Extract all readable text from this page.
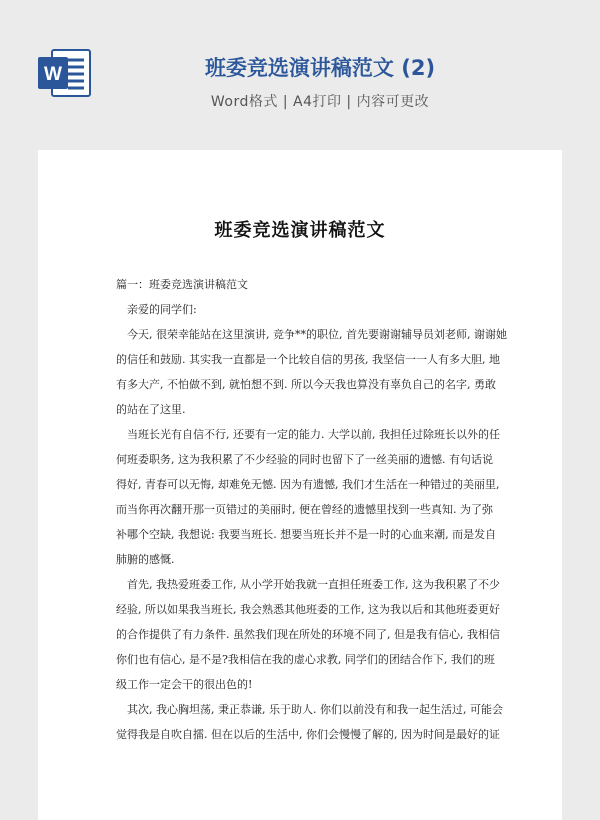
W	班委竞选演讲稿范文 (2)
Word格式 | A4打印 | 内容可更改
班委竞选演讲稿范文
篇一：班委竞选演讲稿范文
亲爱的同学们:
今天, 很荣幸能站在这里演讲, 竞争**的职位, 首先要谢谢辅导员刘老师, 谢谢她
的信任和鼓励. 其实我一直都是一个比较自信的男孩, 我坚信一一人有多大胆, 地
有多大产, 不怕做不到, 就怕想不到. 所以今天我也算没有辜负自己的名字, 勇敢
的站在了这里.
当班长光有自信不行, 还要有一定的能力. 大学以前, 我担任过除班长以外的任
何班委职务, 这为我积累了不少经验的同时也留下了一丝美丽的遗憾. 有句话说
得好, 青春可以无悔, 却难免无憾. 因为有遗憾, 我们才生活在一种错过的美丽里,
而当你再次翻开那一页错过的美丽时, 便在曾经的遗憾里找到一些真知. 为了弥
补哪个空缺, 我想说: 我要当班长. 想要当班长并不是一时的心血来潮, 而是发自
肺腑的感慨.
首先, 我热爱班委工作, 从小学开始我就一直担任班委工作, 这为我积累了不少
经验, 所以如果我当班长, 我会熟悉其他班委的工作, 这为我以后和其他班委更好
的合作提供了有力条件. 虽然我们现在所处的环境不同了, 但是我有信心, 我相信
你们也有信心, 是不是?我相信在我的虚心求教, 同学们的团结合作下, 我们的班
级工作一定会干的很出色的!
其次, 我心胸坦荡, 秉正恭谦, 乐于助人. 你们以前没有和我一起生活过, 可能会
觉得我是自吹自擂. 但在以后的生活中, 你们会慢慢了解的, 因为时间是最好的证
